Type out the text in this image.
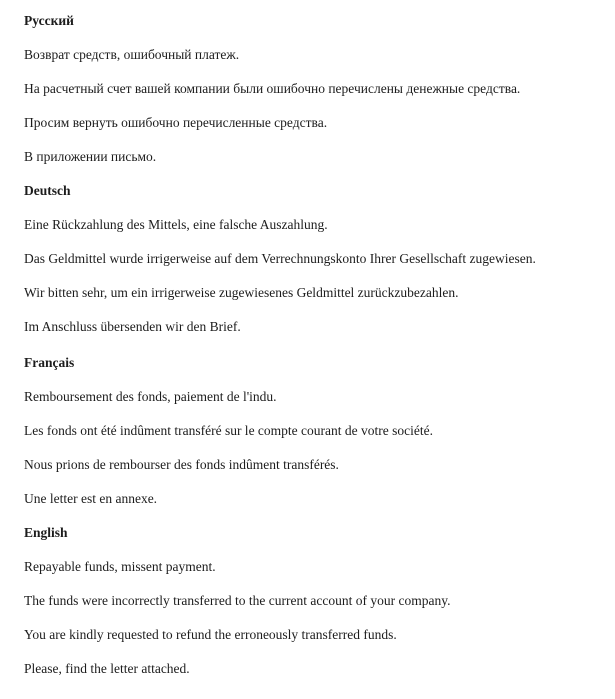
Русский

Возврат средств, ошибочный платеж.

На расчетный счет вашей компании были ошибочно перечислены денежные средства.

Просим вернуть ошибочно перечисленные средства.

В приложении письмо.

Deutsch

Eine Rückzahlung des Mittels, eine falsche Auszahlung.

Das Geldmittel wurde irrigerweise auf dem Verrechnungskonto Ihrer Gesellschaft zugewiesen.

Wir bitten sehr, um ein irrigerweise zugewiesenes Geldmittel zurückzubezahlen.

Im Anschluss übersenden wir den Brief.

Français

Remboursement des fonds, paiement de l'indu.

Les fonds ont été indûment transféré sur le compte courant de votre société.

Nous prions de rembourser des fonds indûment transférés.

Une letter est en annexe.

English

Repayable funds, missent payment.

The funds were incorrectly transferred to the current account of your company.

You are kindly requested to refund the erroneously transferred funds.

Please, find the letter attached.
